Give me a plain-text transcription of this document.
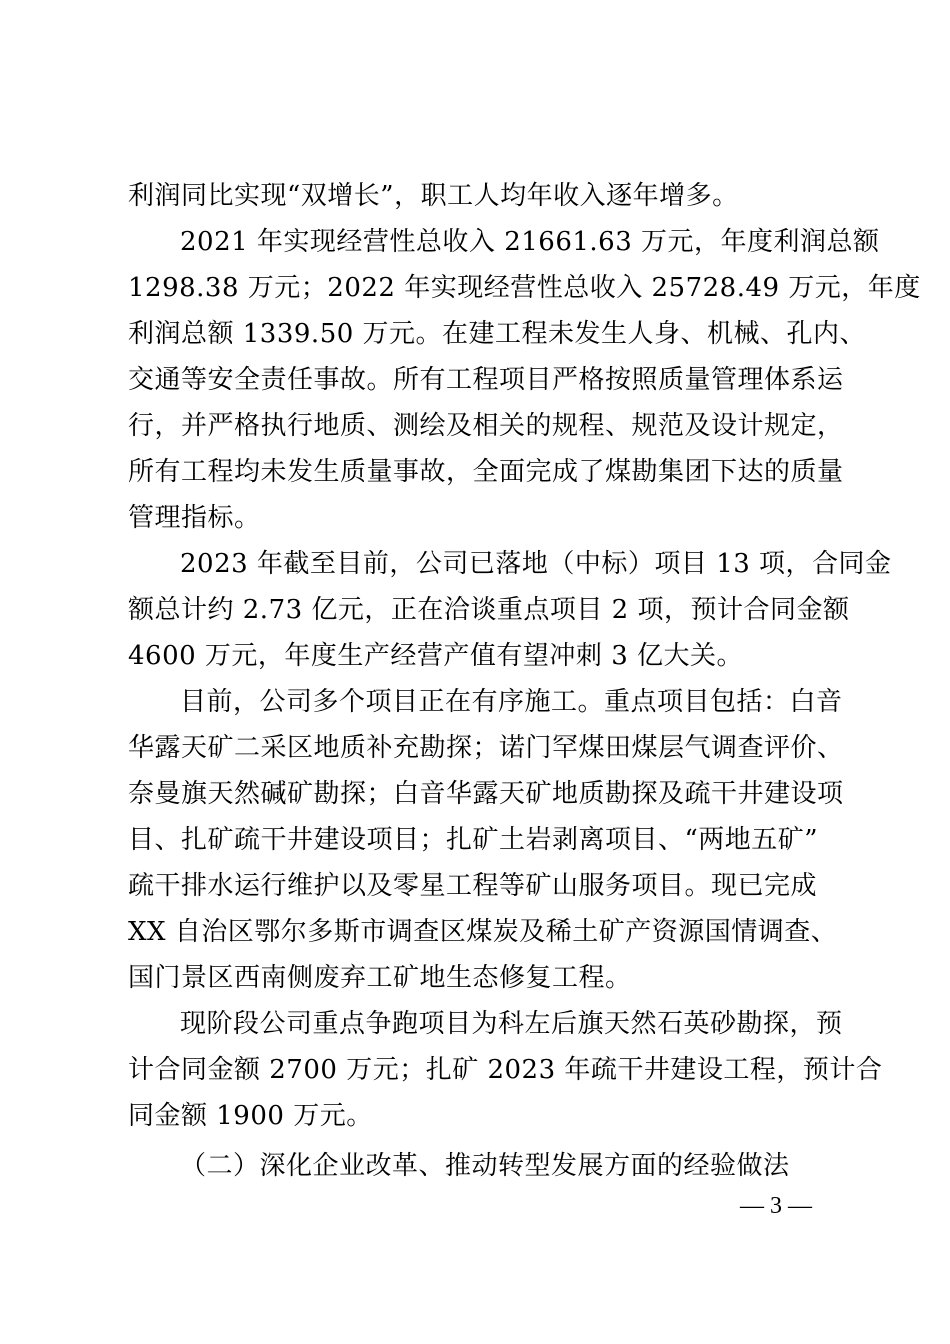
利润同比实现“双增长”，职工人均年收入逐年增多。
2021 年实现经营性总收入 21661.63 万元，年度利润总额
1298.38 万元；2022 年实现经营性总收入 25728.49 万元，年度
利润总额 1339.50 万元。在建工程未发生人身、机械、孔内、
交通等安全责任事故。所有工程项目严格按照质量管理体系运
行，并严格执行地质、测绘及相关的规程、规范及设计规定，
所有工程均未发生质量事故，全面完成了煤勘集团下达的质量
管理指标。
2023 年截至目前，公司已落地（中标）项目 13 项，合同金
额总计约 2.73 亿元，正在洽谈重点项目 2 项，预计合同金额
4600 万元，年度生产经营产值有望冲刺 3 亿大关。
目前，公司多个项目正在有序施工。重点项目包括：白音
华露天矿二采区地质补充勘探；诺门罕煤田煤层气调查评价、
奈曼旗天然碱矿勘探；白音华露天矿地质勘探及疏干井建设项
目、扎矿疏干井建设项目；扎矿土岩剥离项目、“两地五矿”
疏干排水运行维护以及零星工程等矿山服务项目。现已完成
XX 自治区鄂尔多斯市调查区煤炭及稀土矿产资源国情调查、
国门景区西南侧废弃工矿地生态修复工程。
现阶段公司重点争跑项目为科左后旗天然石英砂勘探，预
计合同金额 2700 万元；扎矿 2023 年疏干井建设工程，预计合
同金额 1900 万元。
（二）深化企业改革、推动转型发展方面的经验做法
— 3 —
